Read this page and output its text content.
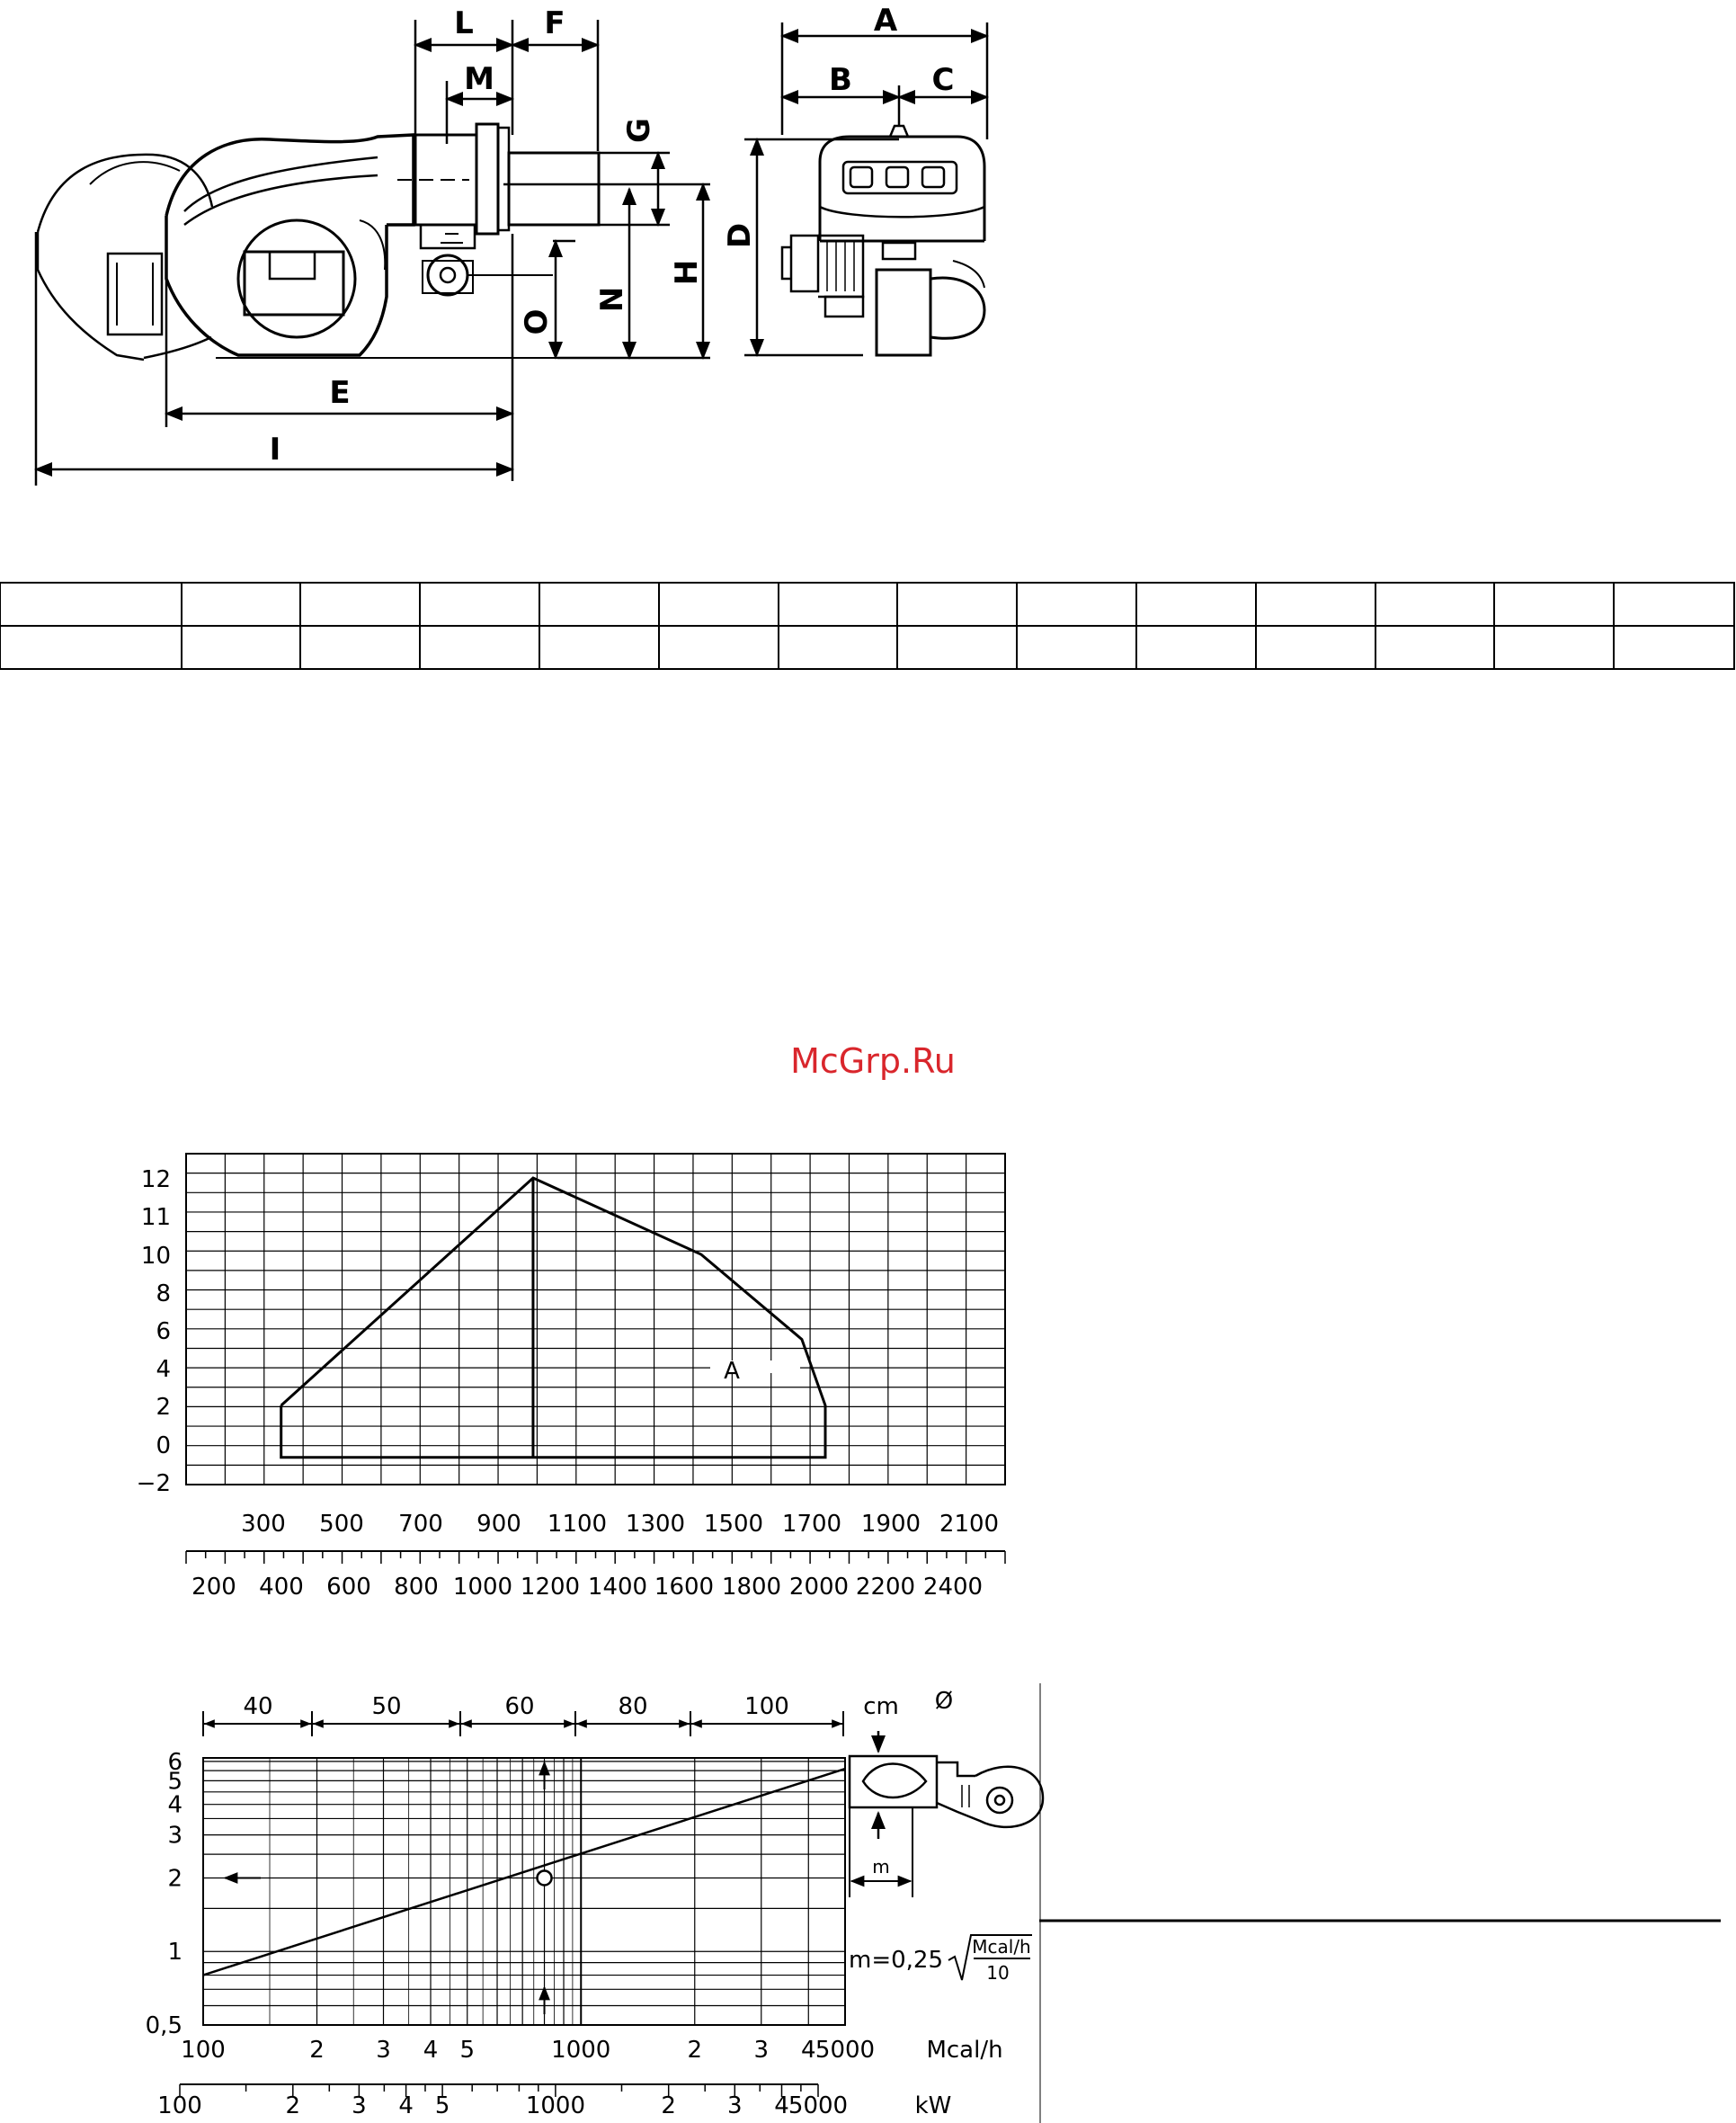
L F
M
G
H
N
O
E
I
A
B	C
D
McGrp.Ru
12
11
10
8
6
4
2
0
−2
A
300 500 700 900 1100 1300 1500 1700 1900 2100
200 400 600 800 1000 1200 1400 1600 1800 2000 2200 2400
6
5
4
3
2
1
0,5
40	50	60	80	100	cm Ø
100	2 3 4 5	1000	2 3 4 5000 Mcal/h
100	2 3 4 5	1000	2 3 4 5000	kW
m
m=0,25 Mcal/h
10
